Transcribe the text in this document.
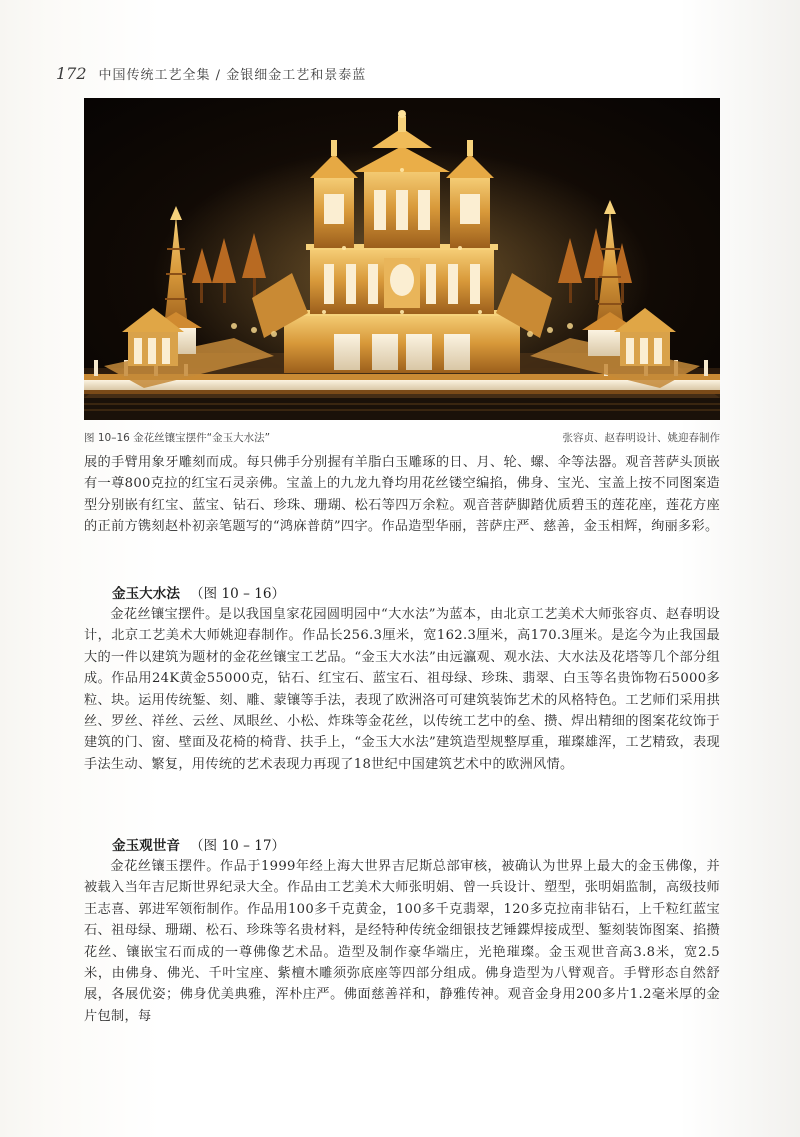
172 中国传统工艺全集 / 金银细金工艺和景泰蓝
图 10–16 金花丝镶宝摆件“金玉大水法”	张容贞、赵春明设计、姚迎春制作

展的手臂用象牙雕刻而成。每只佛手分别握有羊脂白玉雕琢的日、月、轮、螺、伞等法器。观音菩萨头顶嵌有一尊800克拉的红宝石灵亲佛。宝盖上的九龙九脊均用花丝镂空编掐，佛身、宝光、宝盖上按不同图案造型分别嵌有红宝、蓝宝、钻石、珍珠、珊瑚、松石等四万余粒。观音菩萨脚踏优质碧玉的莲花座，莲花方座的正前方镌刻赵朴初亲笔题写的“鸿庥普荫”四字。作品造型华丽，菩萨庄严、慈善，金玉相辉，绚丽多彩。

金玉大水法 （图 10 – 16）

金花丝镶宝摆件。是以我国皇家花园圆明园中“大水法”为蓝本，由北京工艺美术大师张容贞、赵春明设计，北京工艺美术大师姚迎春制作。作品长256.3厘米，宽162.3厘米，高170.3厘米。是迄今为止我国最大的一件以建筑为题材的金花丝镶宝工艺品。“金玉大水法”由远瀛观、观水法、大水法及花塔等几个部分组成。作品用24K黄金55000克，钻石、红宝石、蓝宝石、祖母绿、珍珠、翡翠、白玉等名贵饰物石5000多粒、块。运用传统錾、刻、雕、蒙镶等手法，表现了欧洲洛可可建筑装饰艺术的风格特色。工艺师们采用拱丝、罗丝、祥丝、云丝、凤眼丝、小松、炸珠等金花丝，以传统工艺中的垒、攒、焊出精细的图案花纹饰于建筑的门、窗、壁面及花椅的椅背、扶手上，“金玉大水法”建筑造型规整厚重，璀璨雄浑，工艺精致，表现手法生动、繁复，用传统的艺术表现力再现了18世纪中国建筑艺术中的欧洲风情。

金玉观世音 （图 10 – 17）

金花丝镶玉摆件。作品于1999年经上海大世界吉尼斯总部审核，被确认为世界上最大的金玉佛像，并被载入当年吉尼斯世界纪录大全。作品由工艺美术大师张明娟、曾一兵设计、塑型，张明娟监制，高级技师王志喜、郭进军领衔制作。作品用100多千克黄金，100多千克翡翠，120多克拉南非钻石，上千粒红蓝宝石、祖母绿、珊瑚、松石、珍珠等名贵材料，是经特种传统金细银技艺锤鍱焊接成型、錾刻装饰图案、掐攒花丝、镶嵌宝石而成的一尊佛像艺术品。造型及制作豪华端庄，光艳璀璨。金玉观世音高3.8米，宽2.5米，由佛身、佛光、千叶宝座、紫檀木雕须弥底座等四部分组成。佛身造型为八臂观音。手臂形态自然舒展，各展优姿；佛身优美典雅，浑朴庄严。佛面慈善祥和，静雅传神。观音金身用200多片1.2毫米厚的金片包制，每
